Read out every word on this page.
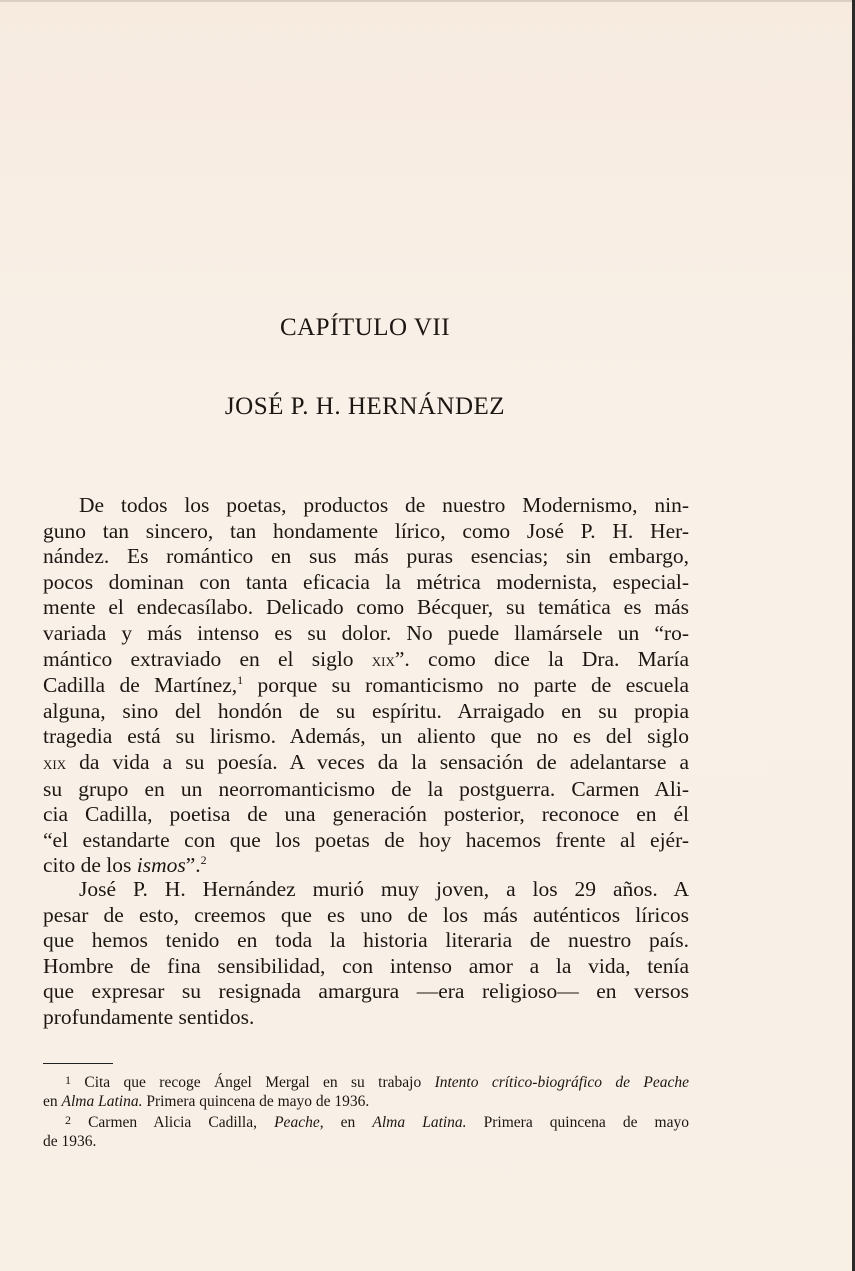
CAPÍTULO VII
JOSÉ P. H. HERNÁNDEZ
De todos los poetas, productos de nuestro Modernismo, nin-
guno tan sincero, tan hondamente lírico, como José P. H. Her-
nández. Es romántico en sus más puras esencias; sin embargo,
pocos dominan con tanta eficacia la métrica modernista, especial-
mente el endecasílabo. Delicado como Bécquer, su temática es más
variada y más intenso es su dolor. No puede llamársele un “ro-
mántico extraviado en el siglo xix”. como dice la Dra. María
Cadilla de Martínez,$^1$ porque su romanticismo no parte de escuela
alguna, sino del hondón de su espíritu. Arraigado en su propia
tragedia está su lirismo. Además, un aliento que no es del siglo
xix da vida a su poesía. A veces da la sensación de adelantarse a
su grupo en un neorromanticismo de la postguerra. Carmen Ali-
cia Cadilla, poetisa de una generación posterior, reconoce en él
“el estandarte con que los poetas de hoy hacemos frente al ejér-
cito de los ismos”.$^2$
José P. H. Hernández murió muy joven, a los 29 años. A
pesar de esto, creemos que es uno de los más auténticos líricos
que hemos tenido en toda la historia literaria de nuestro país.
Hombre de fina sensibilidad, con intenso amor a la vida, tenía
que expresar su resignada amargura —era religioso— en versos
profundamente sentidos.
1 Cita que recoge Ángel Mergal en su trabajo Intento crítico-biográfico de Peache
en Alma Latina. Primera quincena de mayo de 1936.
2 Carmen Alicia Cadilla, Peache, en Alma Latina. Primera quincena de mayo
de 1936.
